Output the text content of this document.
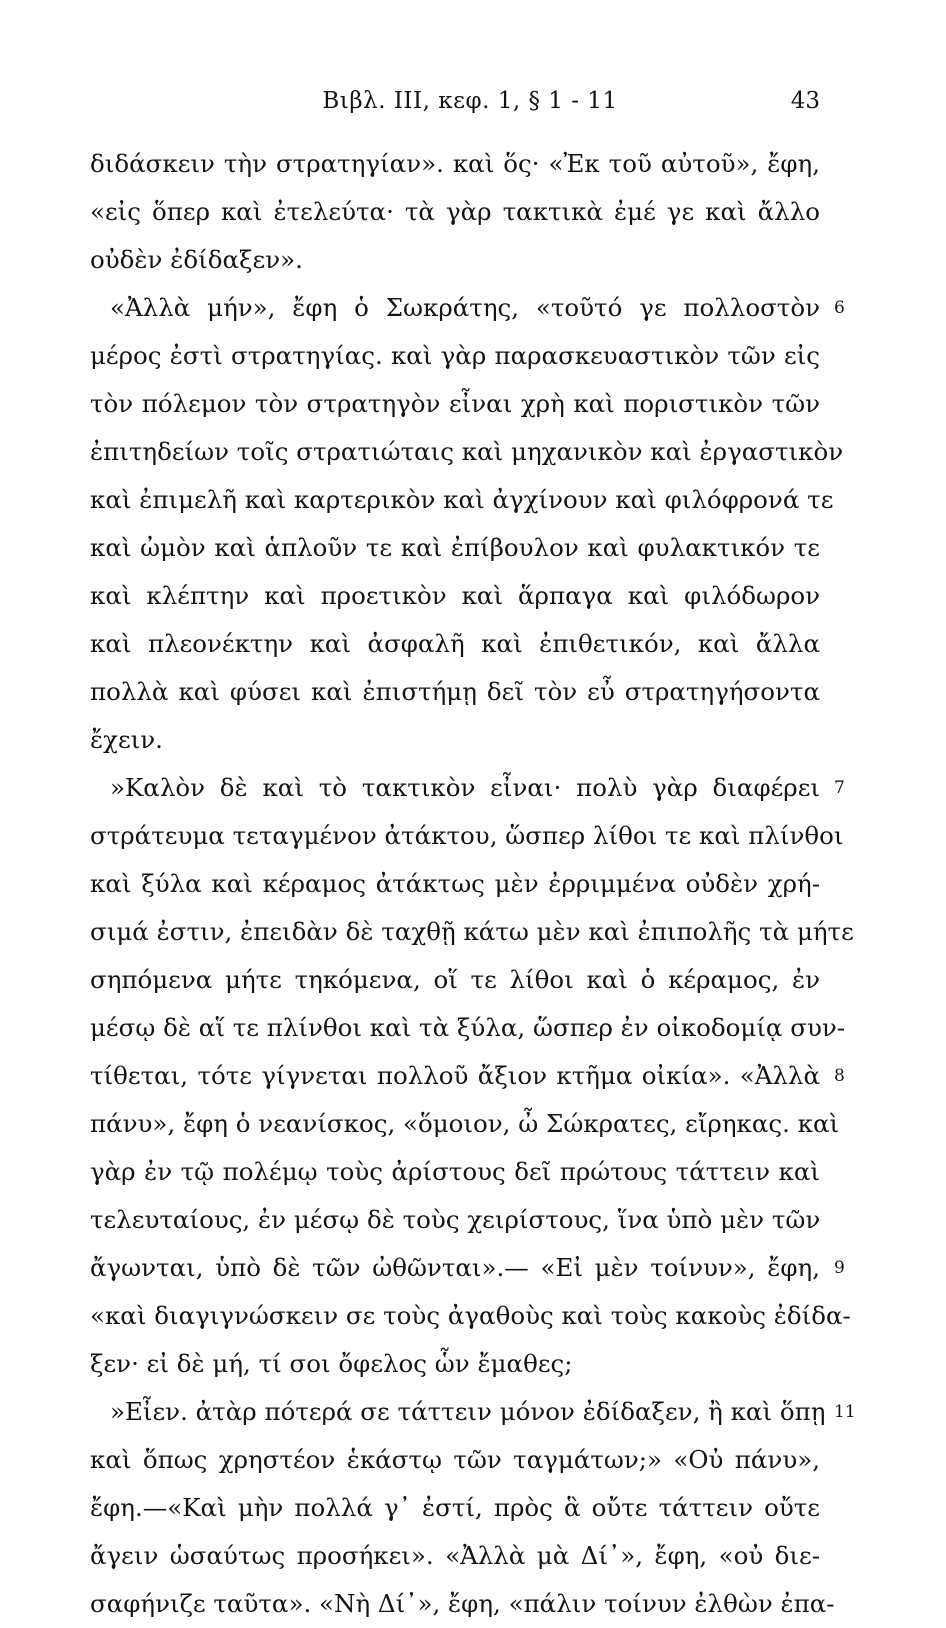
Βιβλ. III, κεφ. 1, § 1 - 11	43
διδάσκειν τὴν στρατηγίαν». καὶ ὅς· «Ἐκ τοῦ αὐτοῦ», ἔφη,
«εἰς ὅπερ καὶ ἐτελεύτα· τὰ γὰρ τακτικὰ ἐμέ γε καὶ ἄλλο
οὐδὲν ἐδίδαξεν».
«Ἀλλὰ μήν», ἔφη ὁ Σωκράτης, «τοῦτό γε πολλοστὸν
μέρος ἐστὶ στρατηγίας. καὶ γὰρ παρασκευαστικὸν τῶν εἰς
τὸν πόλεμον τὸν στρατηγὸν εἶναι χρὴ καὶ ποριστικὸν τῶν
ἐπιτηδείων τοῖς στρατιώταις καὶ μηχανικὸν καὶ ἐργαστικὸν
καὶ ἐπιμελῆ καὶ καρτερικὸν καὶ ἀγχίνουν καὶ φιλόφρονά τε
καὶ ὠμὸν καὶ ἁπλοῦν τε καὶ ἐπίβουλον καὶ φυλακτικόν τε
καὶ κλέπτην καὶ προετικὸν καὶ ἅρπαγα καὶ φιλόδωρον
καὶ πλεονέκτην καὶ ἀσφαλῆ καὶ ἐπιθετικόν, καὶ ἄλλα
πολλὰ καὶ φύσει καὶ ἐπιστήμῃ δεῖ τὸν εὖ στρατηγήσοντα
ἔχειν.
»Καλὸν δὲ καὶ τὸ τακτικὸν εἶναι· πολὺ γὰρ διαφέρει
στράτευμα τεταγμένον ἀτάκτου, ὥσπερ λίθοι τε καὶ πλίνθοι
καὶ ξύλα καὶ κέραμος ἀτάκτως μὲν ἐρριμμένα οὐδὲν χρή-
σιμά ἐστιν, ἐπειδὰν δὲ ταχθῇ κάτω μὲν καὶ ἐπιπολῆς τὰ μήτε
σηπόμενα μήτε τηκόμενα, οἵ τε λίθοι καὶ ὁ κέραμος, ἐν
μέσῳ δὲ αἵ τε πλίνθοι καὶ τὰ ξύλα, ὥσπερ ἐν οἰκοδομίᾳ συν-
τίθεται, τότε γίγνεται πολλοῦ ἄξιον κτῆμα οἰκία». «Ἀλλὰ
πάνυ», ἔφη ὁ νεανίσκος, «ὅμοιον, ὦ Σώκρατες, εἴρηκας. καὶ
γὰρ ἐν τῷ πολέμῳ τοὺς ἀρίστους δεῖ πρώτους τάττειν καὶ
τελευταίους, ἐν μέσῳ δὲ τοὺς χειρίστους, ἵνα ὑπὸ μὲν τῶν
ἄγωνται, ὑπὸ δὲ τῶν ὠθῶνται».— «Εἰ μὲν τοίνυν», ἔφη,
«καὶ διαγιγνώσκειν σε τοὺς ἀγαθοὺς καὶ τοὺς κακοὺς ἐδίδα-
ξεν· εἰ δὲ μή, τί σοι ὄφελος ὧν ἔμαθες;
»Εἶεν. ἀτὰρ πότερά σε τάττειν μόνον ἐδίδαξεν, ἢ καὶ ὅπῃ
καὶ ὅπως χρηστέον ἑκάστῳ τῶν ταγμάτων;» «Οὐ πάνυ»,
ἔφη.—«Καὶ μὴν πολλά γ᾿ ἐστί, πρὸς ἃ οὔτε τάττειν οὔτε
ἄγειν ὡσαύτως προσήκει». «Ἀλλὰ μὰ Δί᾿», ἔφη, «οὐ διε-
σαφήνιζε ταῦτα». «Νὴ Δί᾿», ἔφη, «πάλιν τοίνυν ἐλθὼν ἐπα-
6
7
8
9
11
